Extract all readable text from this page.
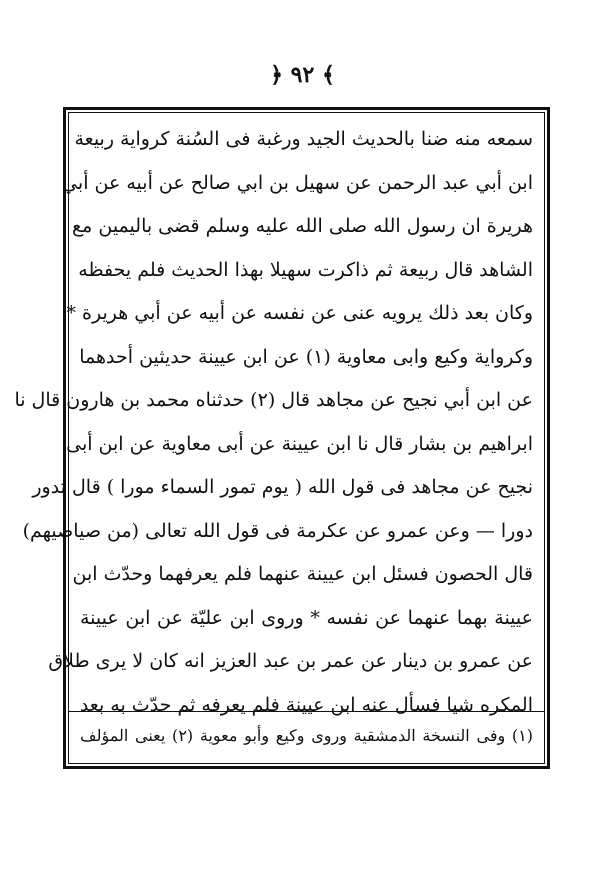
﴿ ٩٢ ﴾
سمعه منه ضنا بالحديث الجيد ورغبة فى السُنة كرواية ربيعة
ابن أبي عبد الرحمن عن سهيل بن ابي صالح عن أبيه عن أبي
هريرة ان رسول الله صلى الله عليه وسلم قضى باليمين مع
الشاهد قال ربيعة ثم ذاكرت سهيلا بهذا الحديث فلم يحفظه
وكان بعد ذلك يرويه عنى عن نفسه عن أبيه عن أبي هريرة *
وكرواية وكيع وابى معاوية (١) عن ابن عيينة حديثين أحدهما
عن ابن أبي نجيح عن مجاهد قال (٢) حدثناه محمد بن هارون قال نا
ابراهيم بن بشار قال نا ابن عيينة عن أبى معاوية عن ابن أبى
نجيح عن مجاهد فى قول الله ( يوم تمور السماء مورا ) قال تدور
دورا — وعن عمرو عن عكرمة فى قول الله تعالى (من صياصيهم)
قال الحصون فسئل ابن عيينة عنهما فلم يعرفهما وحدّث ابن
عيينة بهما عنهما عن نفسه * وروى ابن عليّة عن ابن عيينة
عن عمرو بن دينار عن عمر بن عبد العزيز انه كان لا يرى طلاق
المكره شيا فسأل عنه ابن عيينة فلم يعرفه ثم حدّث به بعد
(١) وفى النسخة الدمشقية وروى وكيع وأبو معوية (٢) يعنى المؤلف
